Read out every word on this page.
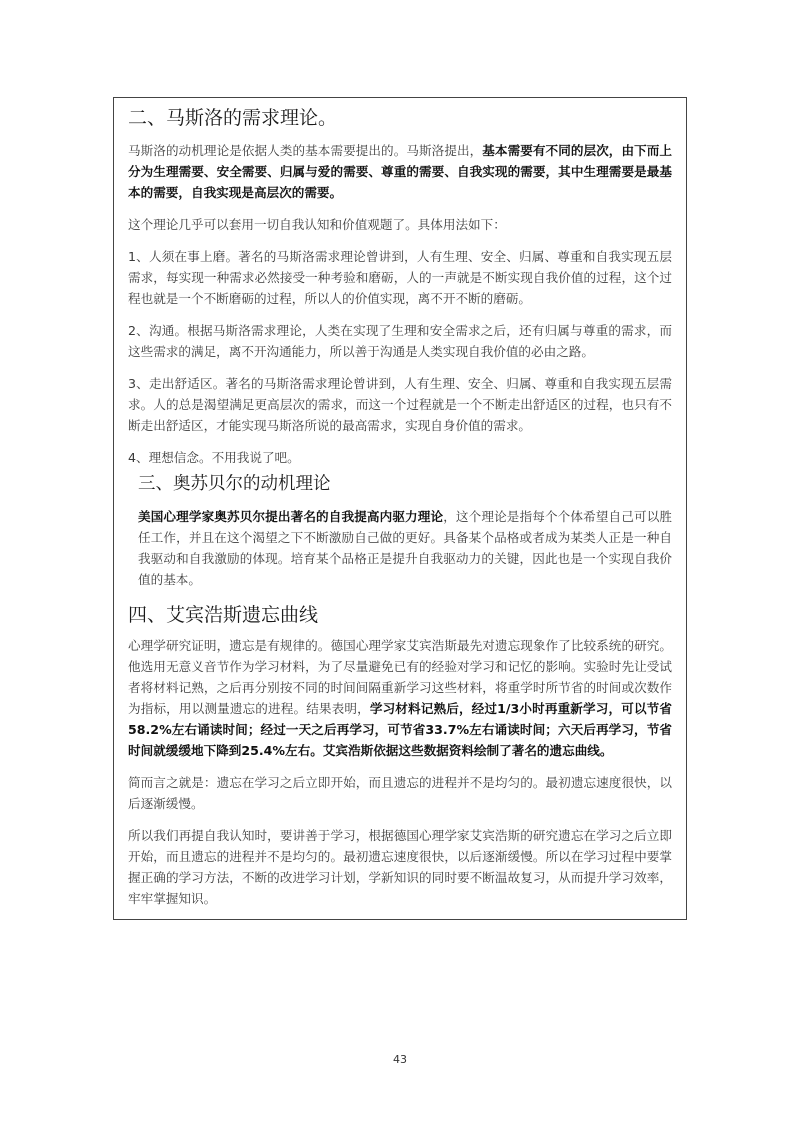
二、马斯洛的需求理论。

马斯洛的动机理论是依据人类的基本需要提出的。马斯洛提出，基本需要有不同的层次，由下而上分为生理需要、安全需要、归属与爱的需要、尊重的需要、自我实现的需要，其中生理需要是最基本的需要，自我实现是高层次的需要。

这个理论几乎可以套用一切自我认知和价值观题了。具体用法如下：

1、人须在事上磨。著名的马斯洛需求理论曾讲到，人有生理、安全、归属、尊重和自我实现五层需求，每实现一种需求必然接受一种考验和磨砺，人的一声就是不断实现自我价值的过程，这个过程也就是一个不断磨砺的过程，所以人的价值实现，离不开不断的磨砺。

2、沟通。根据马斯洛需求理论，人类在实现了生理和安全需求之后，还有归属与尊重的需求，而这些需求的满足，离不开沟通能力，所以善于沟通是人类实现自我价值的必由之路。

3、走出舒适区。著名的马斯洛需求理论曾讲到，人有生理、安全、归属、尊重和自我实现五层需求。人的总是渴望满足更高层次的需求，而这一个过程就是一个不断走出舒适区的过程，也只有不断走出舒适区，才能实现马斯洛所说的最高需求，实现自身价值的需求。

4、理想信念。不用我说了吧。

三、奥苏贝尔的动机理论

美国心理学家奥苏贝尔提出著名的自我提高内驱力理论，这个理论是指每个个体希望自己可以胜任工作，并且在这个渴望之下不断激励自己做的更好。具备某个品格或者成为某类人正是一种自我驱动和自我激励的体现。培育某个品格正是提升自我驱动力的关键，因此也是一个实现自我价值的基本。

四、艾宾浩斯遗忘曲线

心理学研究证明，遗忘是有规律的。德国心理学家艾宾浩斯最先对遗忘现象作了比较系统的研究。他选用无意义音节作为学习材料，为了尽量避免已有的经验对学习和记忆的影响。实验时先让受试者将材料记熟，之后再分别按不同的时间间隔重新学习这些材料，将重学时所节省的时间或次数作为指标，用以测量遗忘的进程。结果表明，学习材料记熟后，经过1/3小时再重新学习，可以节省58.2%左右诵读时间；经过一天之后再学习，可节省33.7%左右诵读时间；六天后再学习，节省时间就缓缓地下降到25.4%左右。艾宾浩斯依据这些数据资料绘制了著名的遗忘曲线。

简而言之就是：遗忘在学习之后立即开始，而且遗忘的进程并不是均匀的。最初遗忘速度很快，以后逐渐缓慢。

所以我们再提自我认知时，要讲善于学习，根据德国心理学家艾宾浩斯的研究遗忘在学习之后立即开始，而且遗忘的进程并不是均匀的。最初遗忘速度很快，以后逐渐缓慢。所以在学习过程中要掌握正确的学习方法，不断的改进学习计划，学新知识的同时要不断温故复习，从而提升学习效率，牢牢掌握知识。

43
